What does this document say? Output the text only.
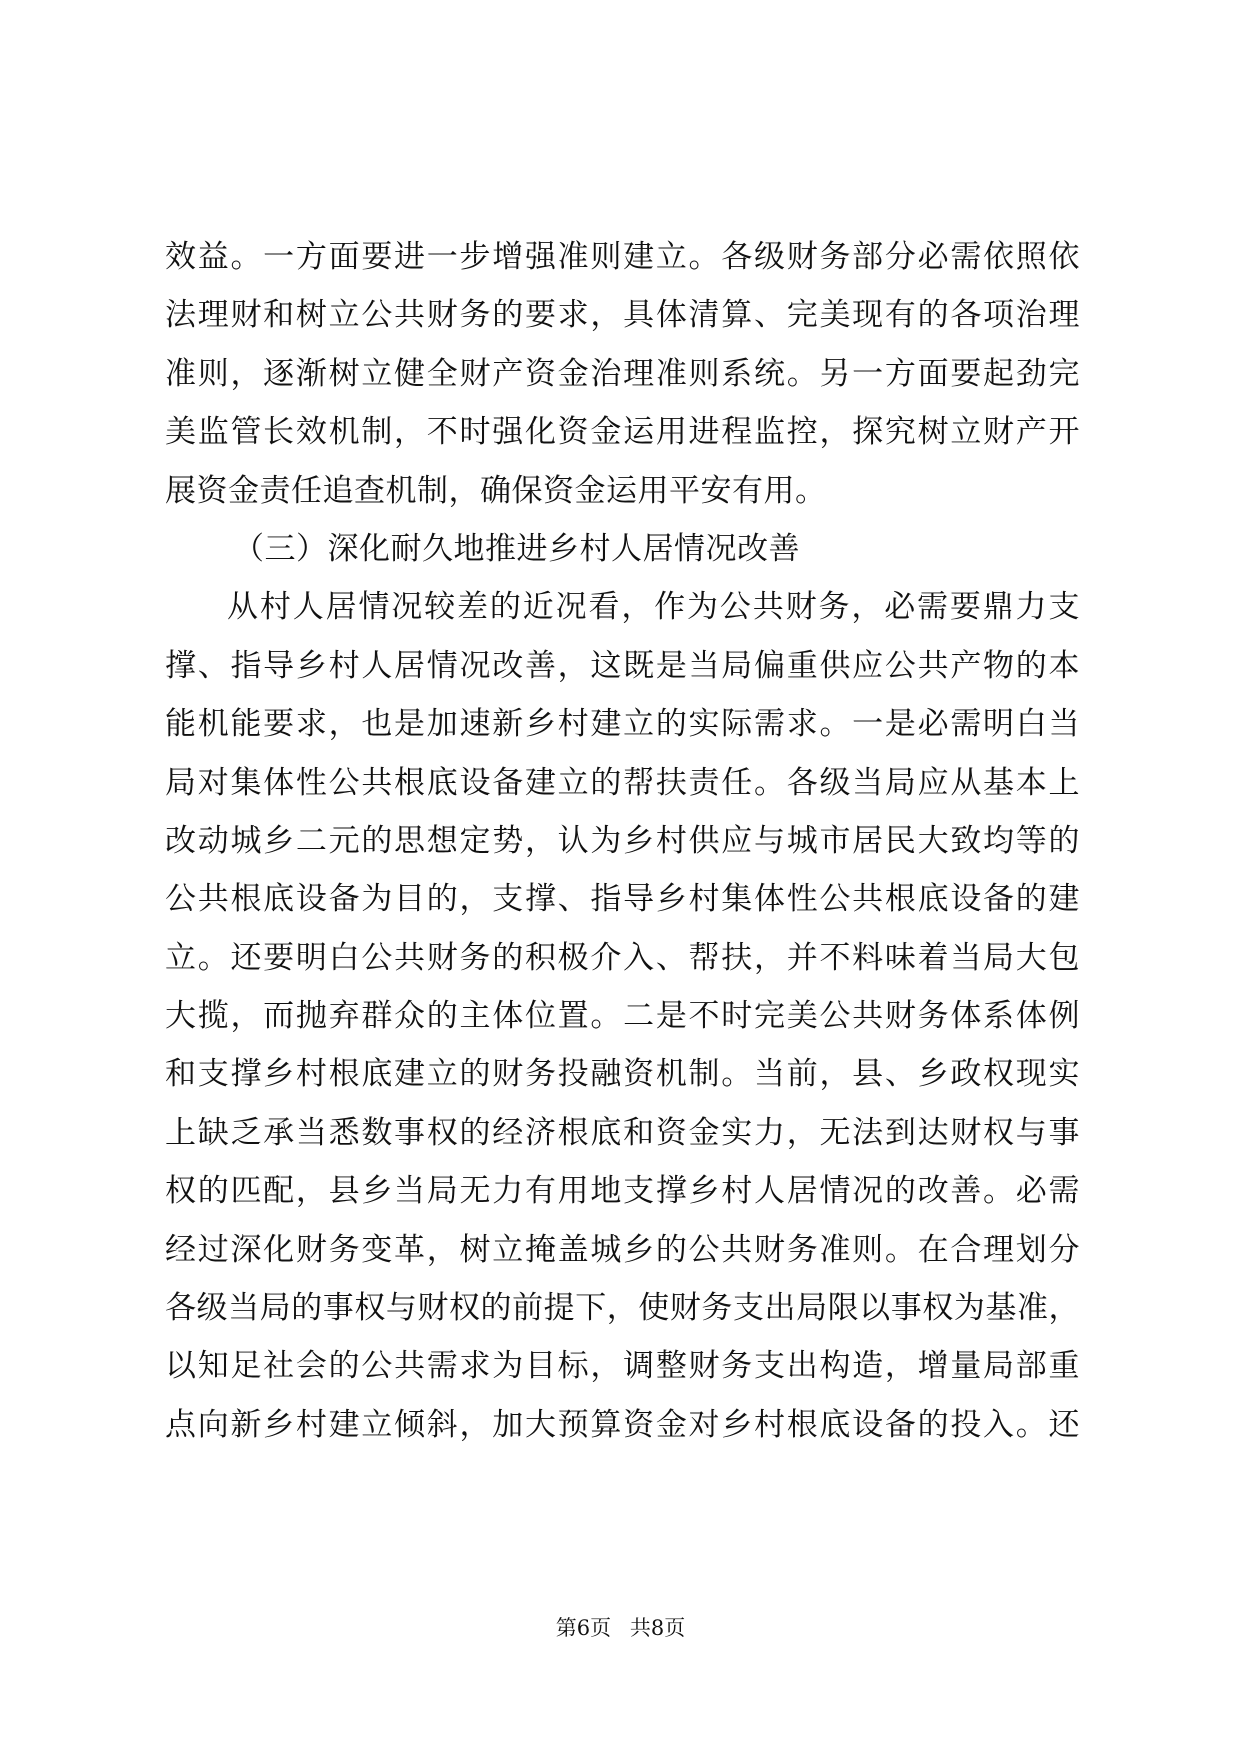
效益。一方面要进一步增强准则建立。各级财务部分必需依照依
法理财和树立公共财务的要求，具体清算、完美现有的各项治理
准则，逐渐树立健全财产资金治理准则系统。另一方面要起劲完
美监管长效机制，不时强化资金运用进程监控，探究树立财产开
展资金责任追查机制，确保资金运用平安有用。
（三）深化耐久地推进乡村人居情况改善
从村人居情况较差的近况看，作为公共财务，必需要鼎力支
撑、指导乡村人居情况改善，这既是当局偏重供应公共产物的本
能机能要求，也是加速新乡村建立的实际需求。一是必需明白当
局对集体性公共根底设备建立的帮扶责任。各级当局应从基本上
改动城乡二元的思想定势，认为乡村供应与城市居民大致均等的
公共根底设备为目的，支撑、指导乡村集体性公共根底设备的建
立。还要明白公共财务的积极介入、帮扶，并不料味着当局大包
大揽，而抛弃群众的主体位置。二是不时完美公共财务体系体例
和支撑乡村根底建立的财务投融资机制。当前，县、乡政权现实
上缺乏承当悉数事权的经济根底和资金实力，无法到达财权与事
权的匹配，县乡当局无力有用地支撑乡村人居情况的改善。必需
经过深化财务变革，树立掩盖城乡的公共财务准则。在合理划分
各级当局的事权与财权的前提下，使财务支出局限以事权为基准，
以知足社会的公共需求为目标，调整财务支出构造，增量局部重
点向新乡村建立倾斜，加大预算资金对乡村根底设备的投入。还
第6页 共8页
